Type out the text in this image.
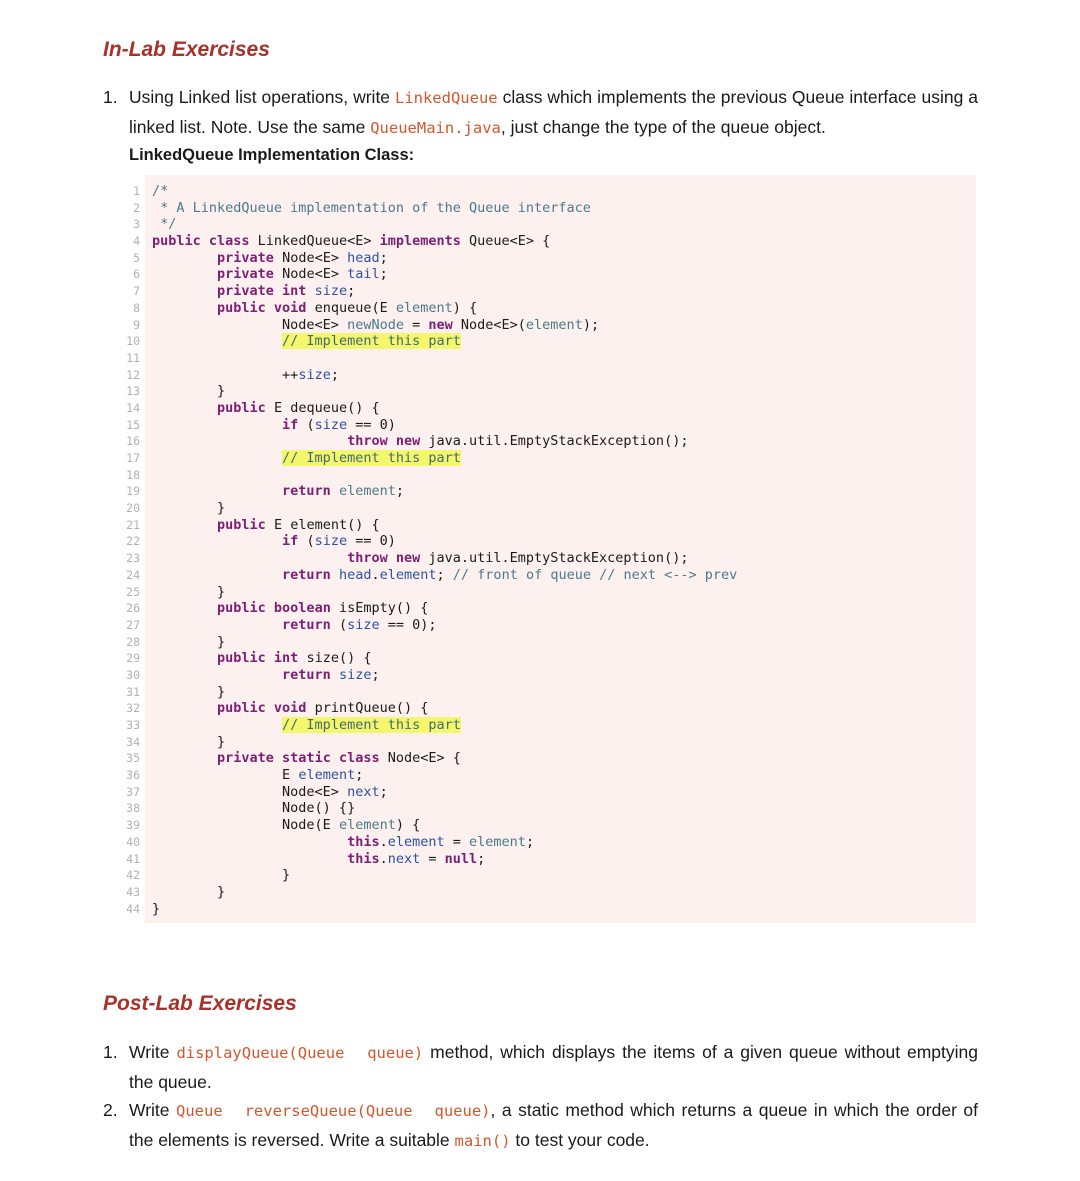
In-Lab Exercises
1. Using Linked list operations, write LinkedQueue class which implements the previous Queue interface using a linked list. Note. Use the same QueueMain.java, just change the type of the queue object.
LinkedQueue Implementation Class:
1
2
3
4
5
6
7
8
9
10
11
12
13
14
15
16
17
18
19
20
21
22
23
24
25
26
27
28
29
30
31
32
33
34
35
36
37
38
39
40
41
42
43
44
/*
* A LinkedQueue implementation of the Queue interface
*/
public class LinkedQueue<E> implements Queue<E> {
private Node<E> head;
private Node<E> tail;
private int size;
public void enqueue(E element) {
Node<E> newNode = new Node<E>(element);
// Implement this part

++size;
}
public E dequeue() {
if (size == 0)
throw new java.util.EmptyStackException();
// Implement this part

return element;
}
public E element() {
if (size == 0)
throw new java.util.EmptyStackException();
return head.element; // front of queue // next <--> prev
}
public boolean isEmpty() {
return (size == 0);
}
public int size() {
return size;
}
public void printQueue() {
// Implement this part
}
private static class Node<E> {
E element;
Node<E> next;
Node() {}
Node(E element) {
this.element = element;
this.next = null;
}
}
}
Post-Lab Exercises
1. Write displayQueue(Queue  queue) method, which displays the items of a given queue without emptying the queue.
2. Write Queue  reverseQueue(Queue  queue), a static method which returns a queue in which the order of the elements is reversed. Write a suitable main() to test your code.
